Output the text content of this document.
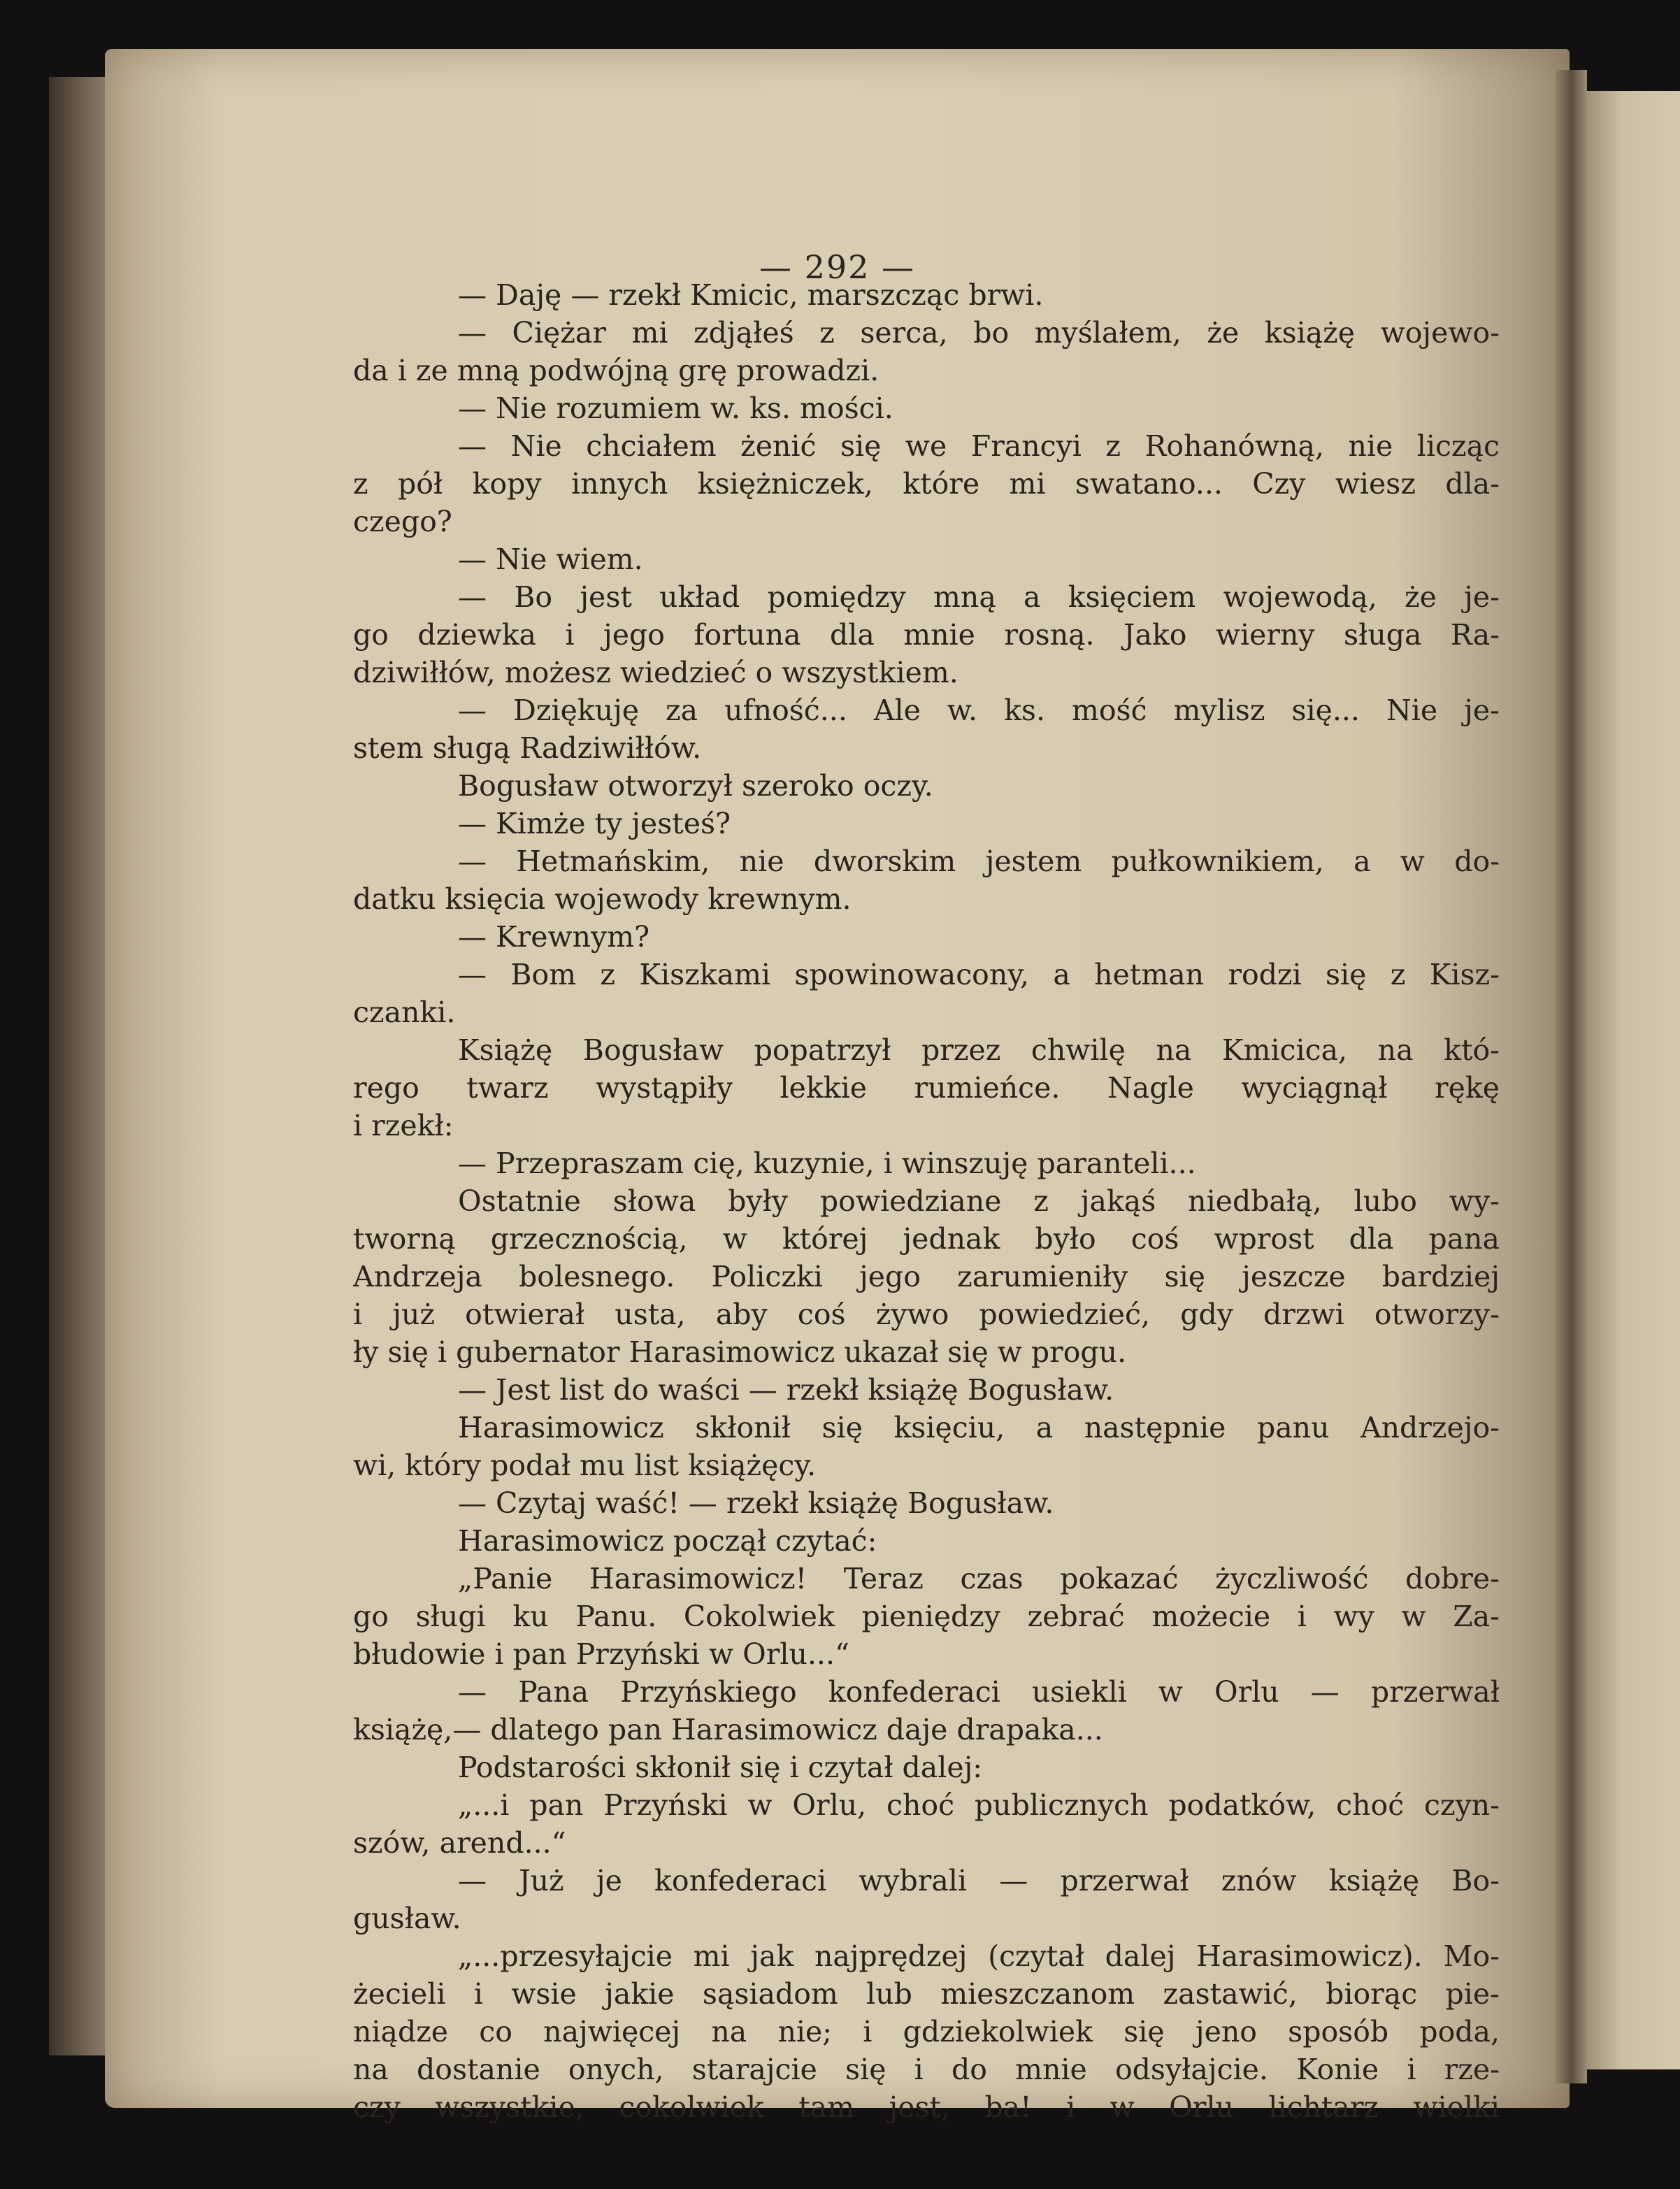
— 292 —
— Daję — rzekł Kmicic, marszcząc brwi.
— Ciężar mi zdjąłeś z serca, bo myślałem, że książę wojewo-
da i ze mną podwójną grę prowadzi.
— Nie rozumiem w. ks. mości.
— Nie chciałem żenić się we Francyi z Rohanówną, nie licząc
z pół kopy innych księżniczek, które mi swatano... Czy wiesz dla-
czego?
— Nie wiem.
— Bo jest układ pomiędzy mną a księciem wojewodą, że je-
go dziewka i jego fortuna dla mnie rosną. Jako wierny sługa Ra-
dziwiłłów, możesz wiedzieć o wszystkiem.
— Dziękuję za ufność... Ale w. ks. mość mylisz się... Nie je-
stem sługą Radziwiłłów.
Bogusław otworzył szeroko oczy.
— Kimże ty jesteś?
— Hetmańskim, nie dworskim jestem pułkownikiem, a w do-
datku księcia wojewody krewnym.
— Krewnym?
— Bom z Kiszkami spowinowacony, a hetman rodzi się z Kisz-
czanki.
Książę Bogusław popatrzył przez chwilę na Kmicica, na któ-
rego twarz wystąpiły lekkie rumieńce. Nagle wyciągnął rękę
i rzekł:
— Przepraszam cię, kuzynie, i winszuję paranteli...
Ostatnie słowa były powiedziane z jakąś niedbałą, lubo wy-
tworną grzecznością, w której jednak było coś wprost dla pana
Andrzeja bolesnego. Policzki jego zarumieniły się jeszcze bardziej
i już otwierał usta, aby coś żywo powiedzieć, gdy drzwi otworzy-
ły się i gubernator Harasimowicz ukazał się w progu.
— Jest list do waści — rzekł książę Bogusław.
Harasimowicz skłonił się księciu, a następnie panu Andrzejo-
wi, który podał mu list książęcy.
— Czytaj waść! — rzekł książę Bogusław.
Harasimowicz począł czytać:
„Panie Harasimowicz! Teraz czas pokazać życzliwość dobre-
go sługi ku Panu. Cokolwiek pieniędzy zebrać możecie i wy w Za-
błudowie i pan Przyński w Orlu...“
— Pana Przyńskiego konfederaci usiekli w Orlu — przerwał
książę,— dlatego pan Harasimowicz daje drapaka...
Podstarości skłonił się i czytał dalej:
„...i pan Przyński w Orlu, choć publicznych podatków, choć czyn-
szów, arend...“
— Już je konfederaci wybrali — przerwał znów książę Bo-
gusław.
„...przesyłajcie mi jak najprędzej (czytał dalej Harasimowicz). Mo-
żecieli i wsie jakie sąsiadom lub mieszczanom zastawić, biorąc pie-
niądze co najwięcej na nie; i gdziekolwiek się jeno sposób poda,
na dostanie onych, starajcie się i do mnie odsyłajcie. Konie i rze-
czy wszystkie, cokolwiek tam jest, ba! i w Orlu lichtarz wielki
